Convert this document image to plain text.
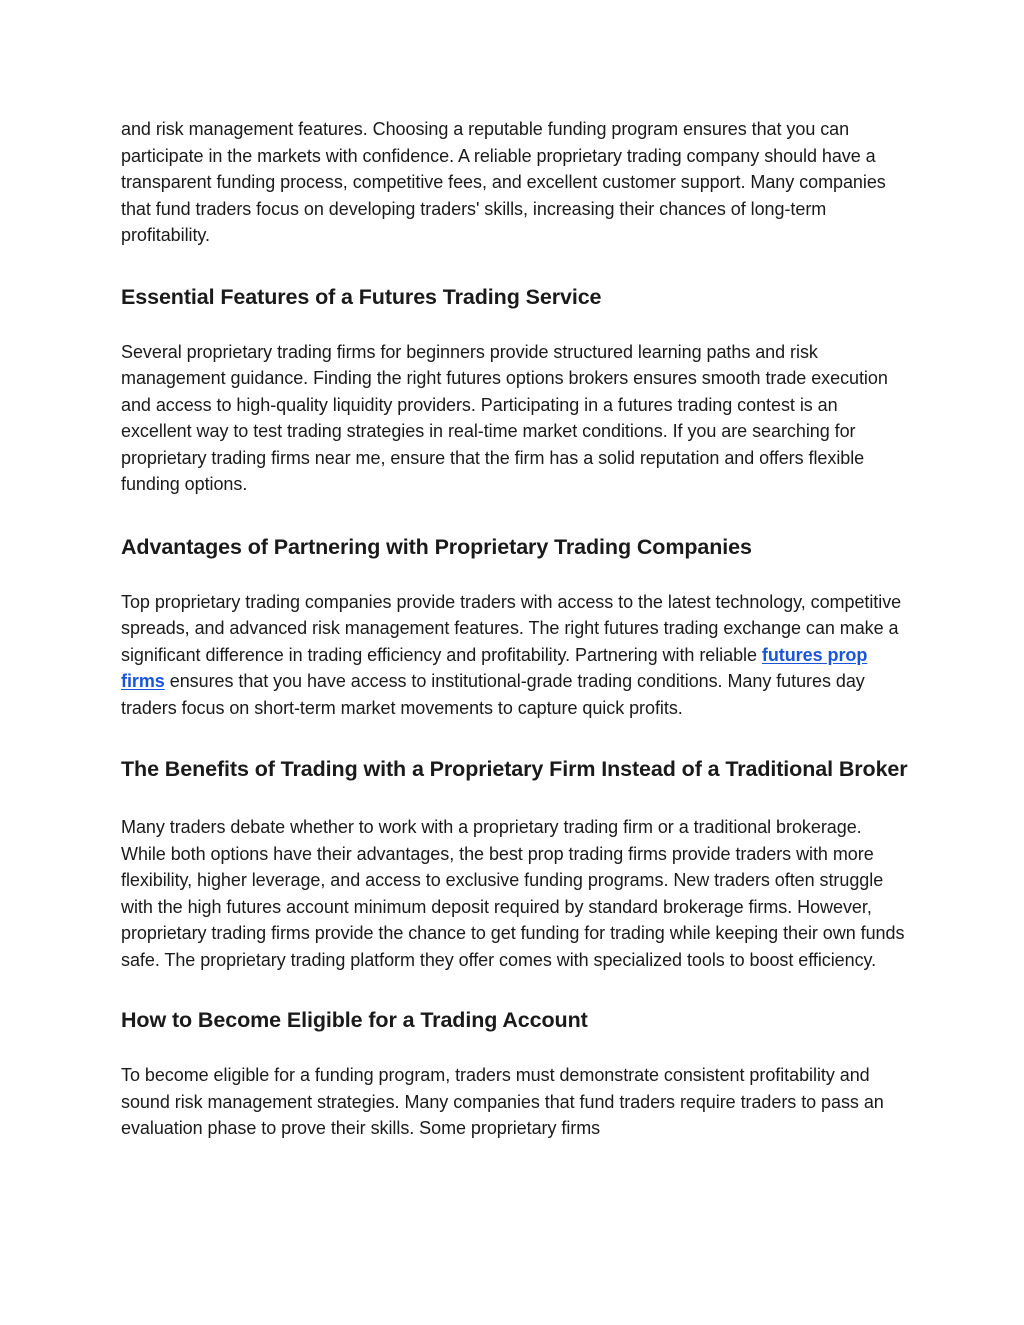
and risk management features. Choosing a reputable funding program ensures that you can participate in the markets with confidence. A reliable proprietary trading company should have a transparent funding process, competitive fees, and excellent customer support. Many companies that fund traders focus on developing traders' skills, increasing their chances of long-term profitability.

Essential Features of a Futures Trading Service

Several proprietary trading firms for beginners provide structured learning paths and risk management guidance. Finding the right futures options brokers ensures smooth trade execution and access to high-quality liquidity providers. Participating in a futures trading contest is an excellent way to test trading strategies in real-time market conditions. If you are searching for proprietary trading firms near me, ensure that the firm has a solid reputation and offers flexible funding options.

Advantages of Partnering with Proprietary Trading Companies

Top proprietary trading companies provide traders with access to the latest technology, competitive spreads, and advanced risk management features. The right futures trading exchange can make a significant difference in trading efficiency and profitability. Partnering with reliable futures prop firms ensures that you have access to institutional-grade trading conditions. Many futures day traders focus on short-term market movements to capture quick profits.

The Benefits of Trading with a Proprietary Firm Instead of a Traditional Broker

Many traders debate whether to work with a proprietary trading firm or a traditional brokerage. While both options have their advantages, the best prop trading firms provide traders with more flexibility, higher leverage, and access to exclusive funding programs. New traders often struggle with the high futures account minimum deposit required by standard brokerage firms. However, proprietary trading firms provide the chance to get funding for trading while keeping their own funds safe. The proprietary trading platform they offer comes with specialized tools to boost efficiency.

How to Become Eligible for a Trading Account

To become eligible for a funding program, traders must demonstrate consistent profitability and sound risk management strategies. Many companies that fund traders require traders to pass an evaluation phase to prove their skills. Some proprietary firms
